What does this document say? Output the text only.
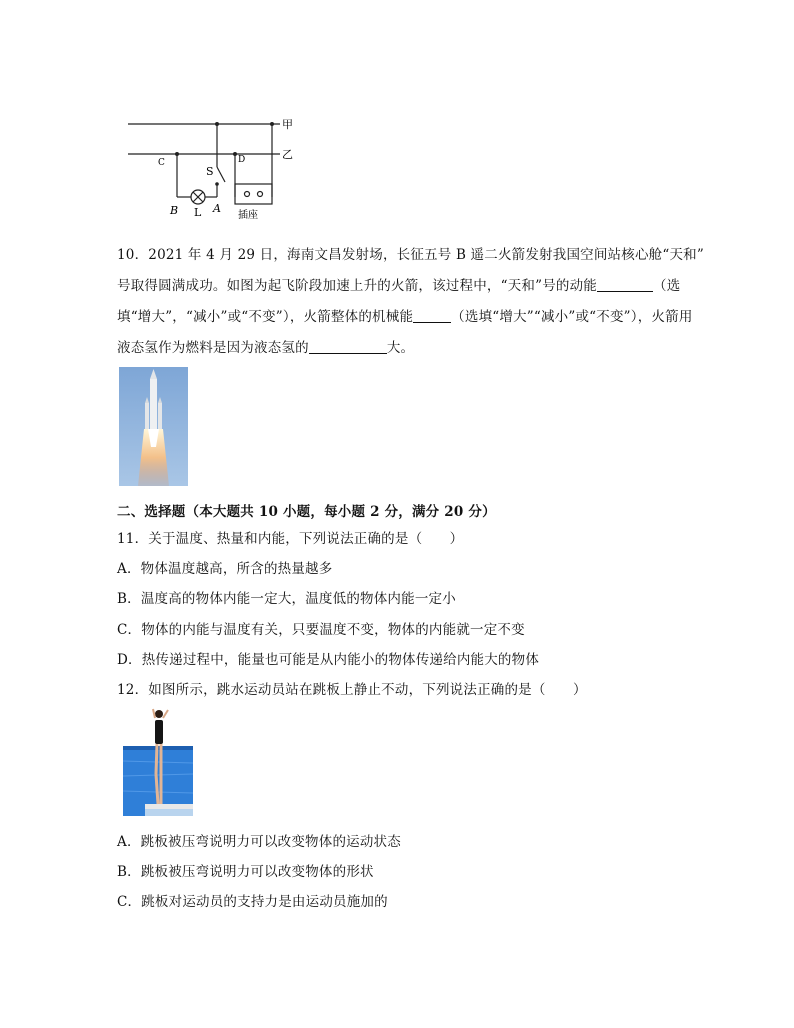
甲
乙
C	D
S
B L A
插座
10．2021 年 4 月 29 日，海南文昌发射场，长征五号 B 遥二火箭发射我国空间站核心舱“天和”
号取得圆满成功。如图为起飞阶段加速上升的火箭，该过程中，“天和”号的动能	（选
填“增大”，“减小”或“不变”），火箭整体的机械能	（选填“增大”“减小”或“不变”），火箭用
液态氢作为燃料是因为液态氢的	大。
二、选择题（本大题共 10 小题，每小题 2 分，满分 20 分）
11．关于温度、热量和内能，下列说法正确的是（　　）
A．物体温度越高，所含的热量越多
B．温度高的物体内能一定大，温度低的物体内能一定小
C．物体的内能与温度有关，只要温度不变，物体的内能就一定不变
D．热传递过程中，能量也可能是从内能小的物体传递给内能大的物体
12．如图所示，跳水运动员站在跳板上静止不动，下列说法正确的是（　　）
A．跳板被压弯说明力可以改变物体的运动状态
B．跳板被压弯说明力可以改变物体的形状
C．跳板对运动员的支持力是由运动员施加的
